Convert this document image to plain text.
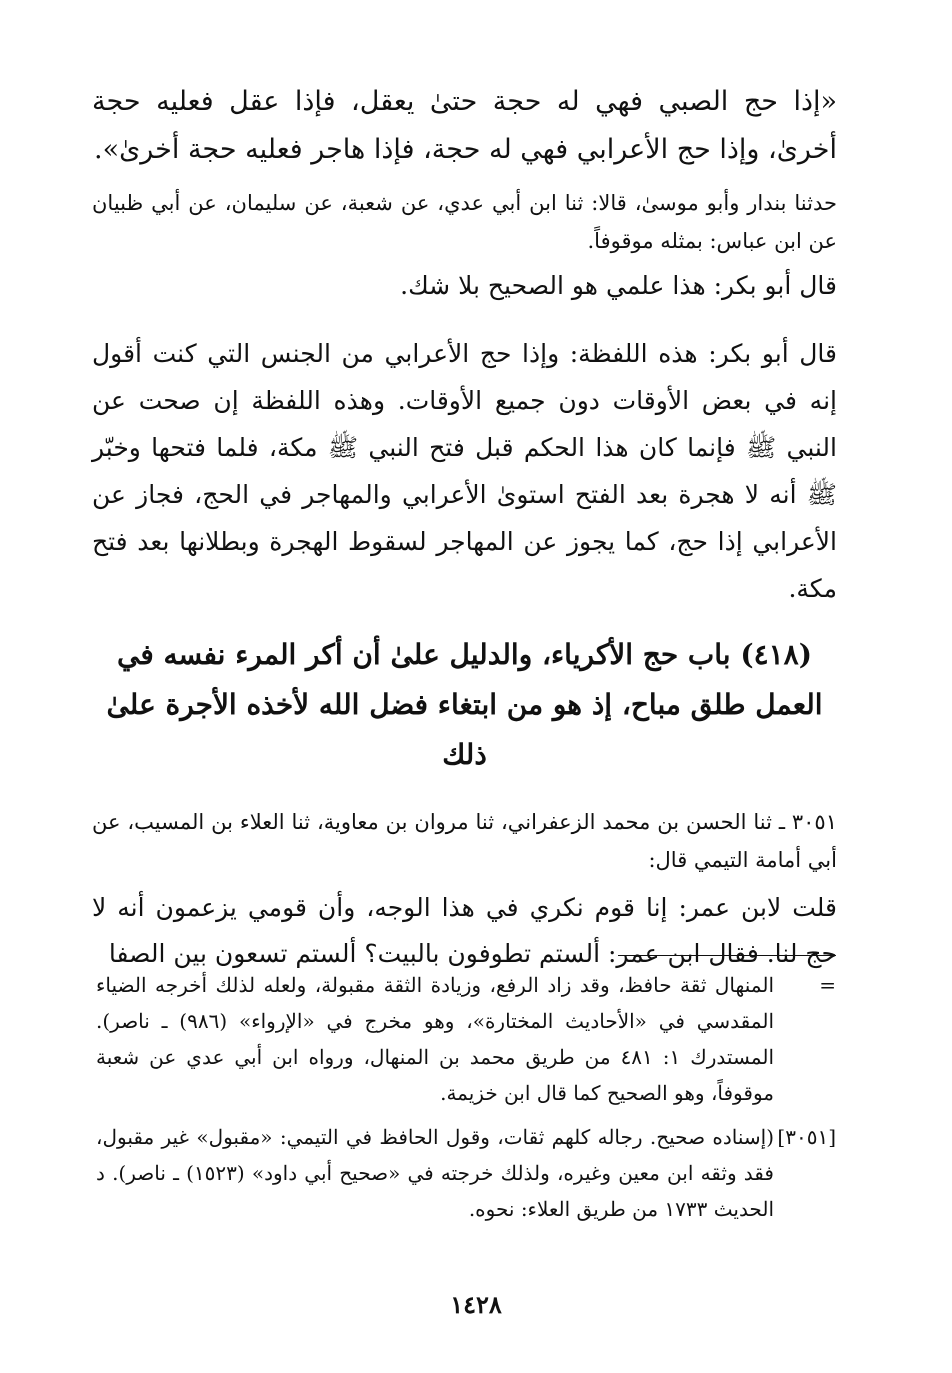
«إذا حج الصبي فهي له حجة حتىٰ يعقل، فإذا عقل فعليه حجة أخرىٰ، وإذا حج الأعرابي فهي له حجة، فإذا هاجر فعليه حجة أخرىٰ».

حدثنا بندار وأبو موسىٰ، قالا: ثنا ابن أبي عدي، عن شعبة، عن سليمان، عن أبي ظبيان عن ابن عباس: بمثله موقوفاً.

قال أبو بكر: هذا علمي هو الصحيح بلا شك.

قال أبو بكر: هذه اللفظة: وإذا حج الأعرابي من الجنس التي كنت أقول إنه في بعض الأوقات دون جميع الأوقات. وهذه اللفظة إن صحت عن النبي ﷺ فإنما كان هذا الحكم قبل فتح النبي ﷺ مكة، فلما فتحها وخبّر ﷺ أنه لا هجرة بعد الفتح استوىٰ الأعرابي والمهاجر في الحج، فجاز عن الأعرابي إذا حج، كما يجوز عن المهاجر لسقوط الهجرة وبطلانها بعد فتح مكة.

(٤١٨) باب حج الأكرياء، والدليل علىٰ أن أكر المرء نفسه في العمل طلق مباح، إذ هو من ابتغاء فضل الله لأخذه الأجرة علىٰ ذلك

٣٠٥١ ـ ثنا الحسن بن محمد الزعفراني، ثنا مروان بن معاوية، ثنا العلاء بن المسيب، عن أبي أمامة التيمي قال:

قلت لابن عمر: إنا قوم نكري في هذا الوجه، وأن قومي يزعمون أنه لا حج لنا. فقال ابن عمر: ألستم تطوفون بالبيت؟ ألستم تسعون بين الصفا

=
المنهال ثقة حافظ، وقد زاد الرفع، وزيادة الثقة مقبولة، ولعله لذلك أخرجه الضياء المقدسي في «الأحاديث المختارة»، وهو مخرج في «الإرواء» (٩٨٦) ـ ناصر). المستدرك ١: ٤٨١ من طريق محمد بن المنهال، ورواه ابن أبي عدي عن شعبة موقوفاً، وهو الصحيح كما قال ابن خزيمة.
[٣٠٥١]
(إسناده صحيح. رجاله كلهم ثقات، وقول الحافظ في التيمي: «مقبول» غير مقبول، فقد وثقه ابن معين وغيره، ولذلك خرجته في «صحيح أبي داود» (١٥٢٣) ـ ناصر). د الحديث ١٧٣٣ من طريق العلاء: نحوه.
١٤٢٨
